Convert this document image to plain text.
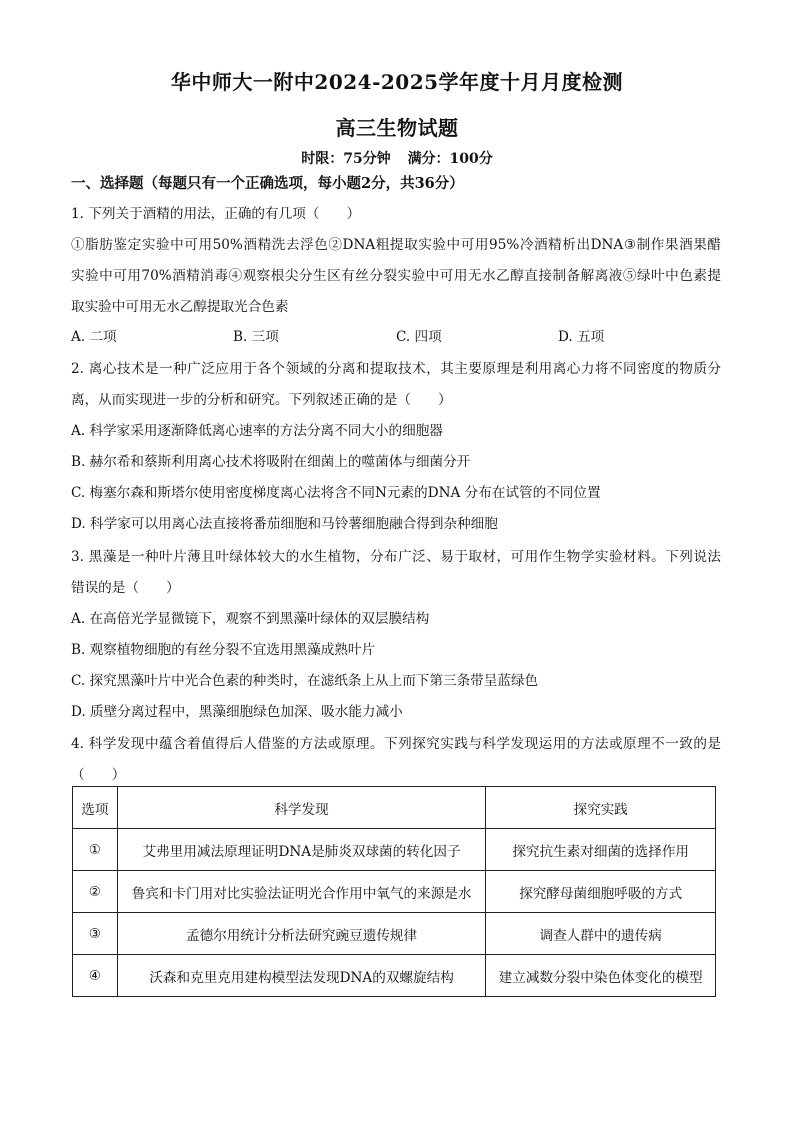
华中师大一附中2024-2025学年度十月月度检测
高三生物试题
时限：75分钟 满分：100分
一、选择题（每题只有一个正确选项，每小题2分，共36分）
1. 下列关于酒精的用法，正确的有几项（　　）
①脂肪鉴定实验中可用50%酒精洗去浮色②DNA粗提取实验中可用95%冷酒精析出DNA③制作果酒果醋
实验中可用70%酒精消毒④观察根尖分生区有丝分裂实验中可用无水乙醇直接制备解离液⑤绿叶中色素提
取实验中可用无水乙醇提取光合色素
A. 二项	B. 三项	C. 四项	D. 五项
2. 离心技术是一种广泛应用于各个领域的分离和提取技术，其主要原理是利用离心力将不同密度的物质分
离，从而实现进一步的分析和研究。下列叙述正确的是（　　）
A. 科学家采用逐渐降低离心速率的方法分离不同大小的细胞器
B. 赫尔希和蔡斯利用离心技术将吸附在细菌上的噬菌体与细菌分开
C. 梅塞尔森和斯塔尔使用密度梯度离心法将含不同N元素的DNA 分布在试管的不同位置
D. 科学家可以用离心法直接将番茄细胞和马铃薯细胞融合得到杂种细胞
3. 黑藻是一种叶片薄且叶绿体较大的水生植物，分布广泛、易于取材，可用作生物学实验材料。下列说法
错误的是（　　）
A. 在高倍光学显微镜下，观察不到黑藻叶绿体的双层膜结构
B. 观察植物细胞的有丝分裂不宜选用黑藻成熟叶片
C. 探究黑藻叶片中光合色素的种类时，在滤纸条上从上而下第三条带呈蓝绿色
D. 质壁分离过程中，黑藻细胞绿色加深、吸水能力减小
4. 科学发现中蕴含着值得后人借鉴的方法或原理。下列探究实践与科学发现运用的方法或原理不一致的是
（　　）
选项	科学发现	探究实践
①	艾弗里用减法原理证明DNA是肺炎双球菌的转化因子	探究抗生素对细菌的选择作用
②	鲁宾和卡门用对比实验法证明光合作用中氧气的来源是水	探究酵母菌细胞呼吸的方式
③	孟德尔用统计分析法研究豌豆遗传规律	调查人群中的遗传病
④	沃森和克里克用建构模型法发现DNA的双螺旋结构	建立减数分裂中染色体变化的模型
